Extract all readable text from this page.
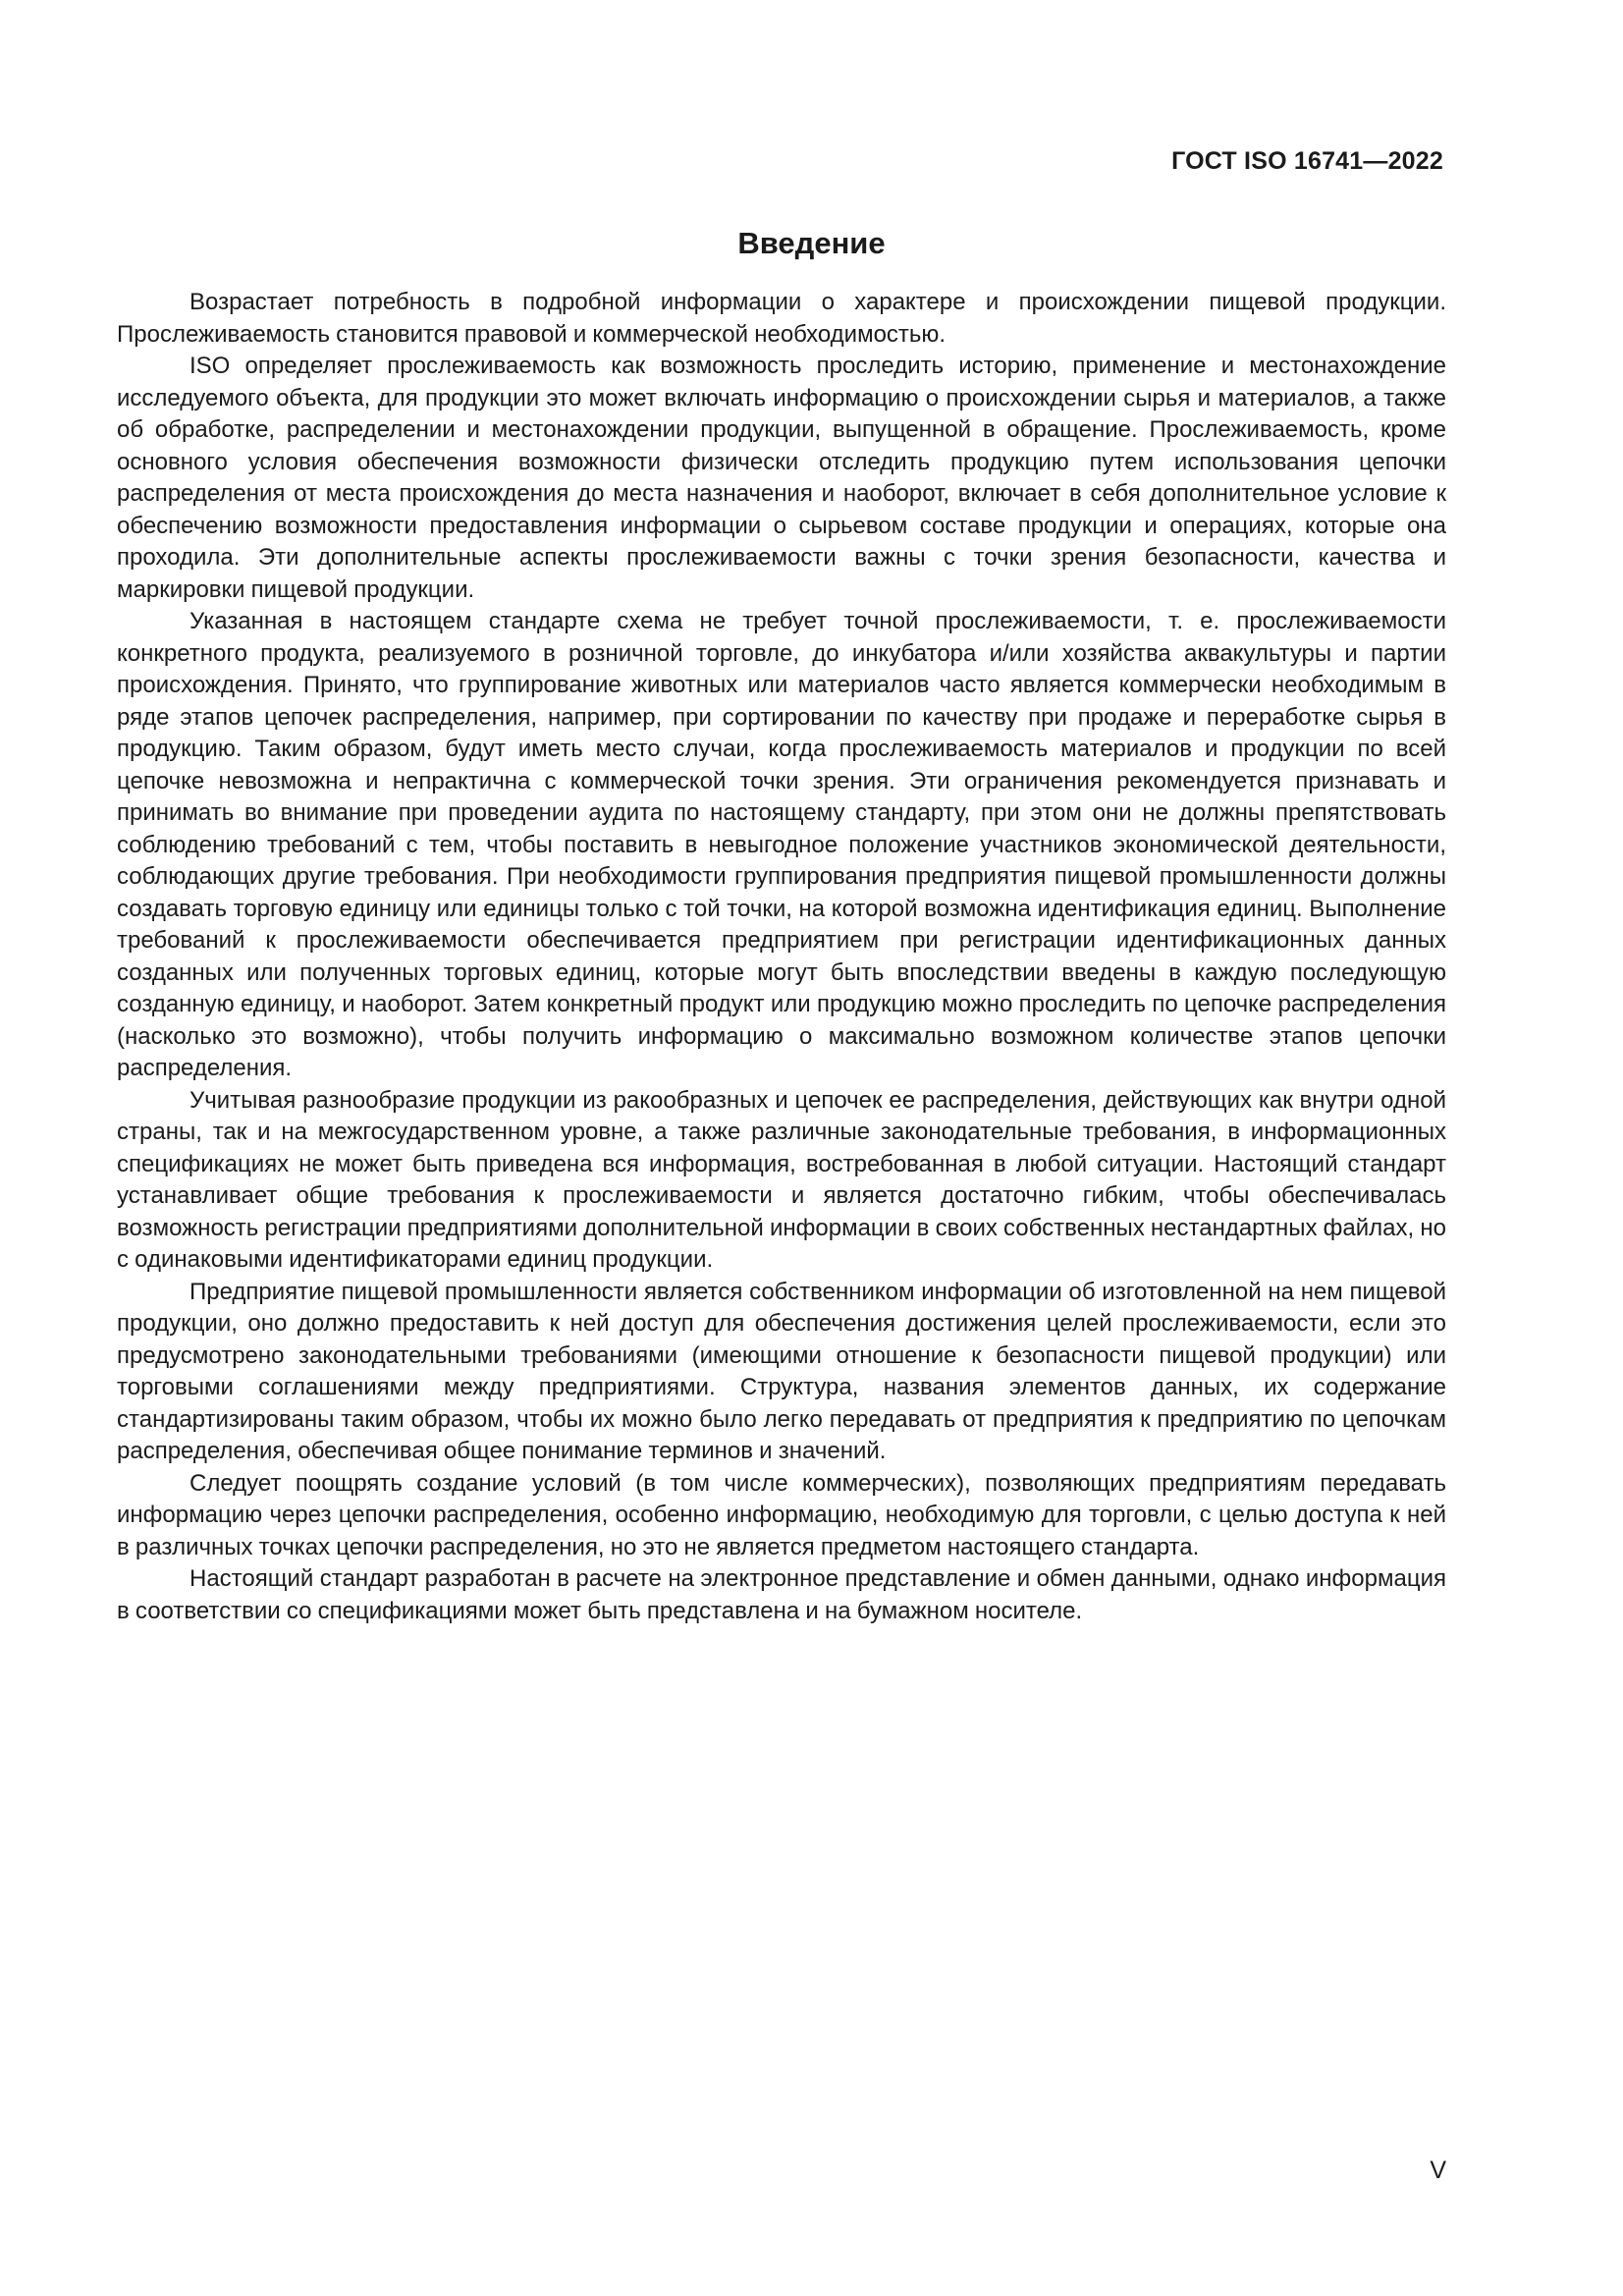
ГОСТ ISO 16741—2022
Введение

Возрастает потребность в подробной информации о характере и происхождении пищевой продукции. Прослеживаемость становится правовой и коммерческой необходимостью.

ISO определяет прослеживаемость как возможность проследить историю, применение и местонахождение исследуемого объекта, для продукции это может включать информацию о происхождении сырья и материалов, а также об обработке, распределении и местонахождении продукции, выпущенной в обращение. Прослеживаемость, кроме основного условия обеспечения возможности физически отследить продукцию путем использования цепочки распределения от места происхождения до места назначения и наоборот, включает в себя дополнительное условие к обеспечению возможности предоставления информации о сырьевом составе продукции и операциях, которые она проходила. Эти дополнительные аспекты прослеживаемости важны с точки зрения безопасности, качества и маркировки пищевой продукции.

Указанная в настоящем стандарте схема не требует точной прослеживаемости, т. е. прослеживаемости конкретного продукта, реализуемого в розничной торговле, до инкубатора и/или хозяйства аквакультуры и партии происхождения. Принято, что группирование животных или материалов часто является коммерчески необходимым в ряде этапов цепочек распределения, например, при сортировании по качеству при продаже и переработке сырья в продукцию. Таким образом, будут иметь место случаи, когда прослеживаемость материалов и продукции по всей цепочке невозможна и непрактична с коммерческой точки зрения. Эти ограничения рекомендуется признавать и принимать во внимание при проведении аудита по настоящему стандарту, при этом они не должны препятствовать соблюдению требований с тем, чтобы поставить в невыгодное положение участников экономической деятельности, соблюдающих другие требования. При необходимости группирования предприятия пищевой промышленности должны создавать торговую единицу или единицы только с той точки, на которой возможна идентификация единиц. Выполнение требований к прослеживаемости обеспечивается предприятием при регистрации идентификационных данных созданных или полученных торговых единиц, которые могут быть впоследствии введены в каждую последующую созданную единицу, и наоборот. Затем конкретный продукт или продукцию можно проследить по цепочке распределения (насколько это возможно), чтобы получить информацию о максимально возможном количестве этапов цепочки распределения.

Учитывая разнообразие продукции из ракообразных и цепочек ее распределения, действующих как внутри одной страны, так и на межгосударственном уровне, а также различные законодательные требования, в информационных спецификациях не может быть приведена вся информация, востребованная в любой ситуации. Настоящий стандарт устанавливает общие требования к прослеживаемости и является достаточно гибким, чтобы обеспечивалась возможность регистрации предприятиями дополнительной информации в своих собственных нестандартных файлах, но с одинаковыми идентификаторами единиц продукции.

Предприятие пищевой промышленности является собственником информации об изготовленной на нем пищевой продукции, оно должно предоставить к ней доступ для обеспечения достижения целей прослеживаемости, если это предусмотрено законодательными требованиями (имеющими отношение к безопасности пищевой продукции) или торговыми соглашениями между предприятиями. Структура, названия элементов данных, их содержание стандартизированы таким образом, чтобы их можно было легко передавать от предприятия к предприятию по цепочкам распределения, обеспечивая общее понимание терминов и значений.

Следует поощрять создание условий (в том числе коммерческих), позволяющих предприятиям передавать информацию через цепочки распределения, особенно информацию, необходимую для торговли, с целью доступа к ней в различных точках цепочки распределения, но это не является предметом настоящего стандарта.

Настоящий стандарт разработан в расчете на электронное представление и обмен данными, однако информация в соответствии со спецификациями может быть представлена и на бумажном носителе.

V
